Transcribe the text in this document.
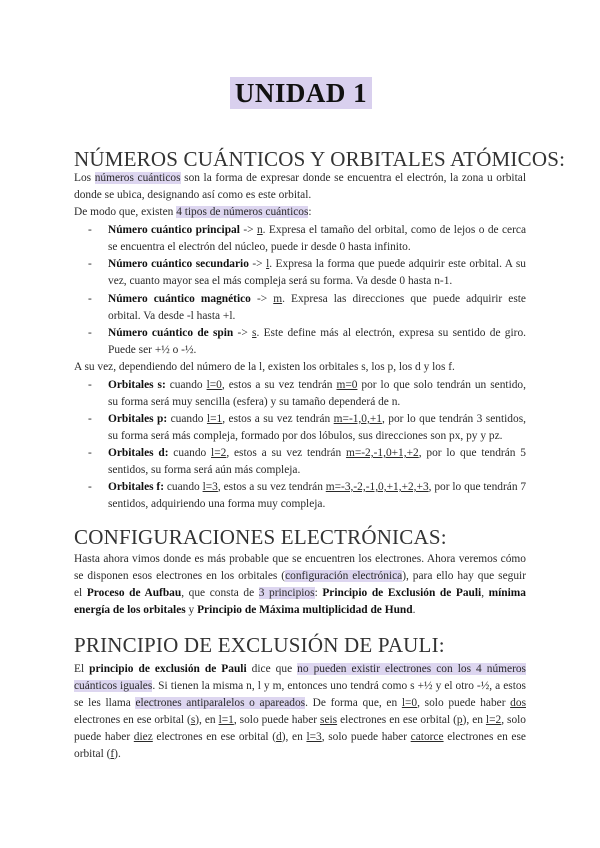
UNIDAD 1
NÚMEROS CUÁNTICOS Y ORBITALES ATÓMICOS:
Los números cuánticos son la forma de expresar donde se encuentra el electrón, la zona u orbital
donde se ubica, designando así como es este orbital.
De modo que, existen 4 tipos de números cuánticos:
- Número cuántico principal -> n. Expresa el tamaño del orbital, como de lejos o de cerca
se encuentra el electrón del núcleo, puede ir desde 0 hasta infinito.
- Número cuántico secundario -> l. Expresa la forma que puede adquirir este orbital. A su
vez, cuanto mayor sea el más compleja será su forma. Va desde 0 hasta n-1.
- Número cuántico magnético -> m. Expresa las direcciones que puede adquirir este
orbital. Va desde -l hasta +l.
- Número cuántico de spin -> s. Este define más al electrón, expresa su sentido de giro.
Puede ser +½ o -½.
A su vez, dependiendo del número de la l, existen los orbitales s, los p, los d y los f.
- Orbitales s: cuando l=0, estos a su vez tendrán m=0 por lo que solo tendrán un sentido,
su forma será muy sencilla (esfera) y su tamaño dependerá de n.
- Orbitales p: cuando l=1, estos a su vez tendrán m=-1,0,+1, por lo que tendrán 3 sentidos,
su forma será más compleja, formado por dos lóbulos, sus direcciones son px, py y pz.
- Orbitales d: cuando l=2, estos a su vez tendrán m=-2,-1,0+1,+2, por lo que tendrán 5
sentidos, su forma será aún más compleja.
- Orbitales f: cuando l=3, estos a su vez tendrán m=-3,-2,-1,0,+1,+2,+3, por lo que tendrán 7
sentidos, adquiriendo una forma muy compleja.
CONFIGURACIONES ELECTRÓNICAS:
Hasta ahora vimos donde es más probable que se encuentren los electrones. Ahora veremos cómo
se disponen esos electrones en los orbitales (configuración electrónica), para ello hay que seguir
el Proceso de Aufbau, que consta de 3 principios: Principio de Exclusión de Pauli, mínima
energía de los orbitales y Principio de Máxima multiplicidad de Hund.
PRINCIPIO DE EXCLUSIÓN DE PAULI:
El principio de exclusión de Pauli dice que no pueden existir electrones con los 4 números
cuánticos iguales. Si tienen la misma n, l y m, entonces uno tendrá como s +½ y el otro -½, a estos
se les llama electrones antiparalelos o apareados. De forma que, en l=0, solo puede haber dos
electrones en ese orbital (s), en l=1, solo puede haber seis electrones en ese orbital (p), en l=2, solo
puede haber diez electrones en ese orbital (d), en l=3, solo puede haber catorce electrones en ese
orbital (f).
